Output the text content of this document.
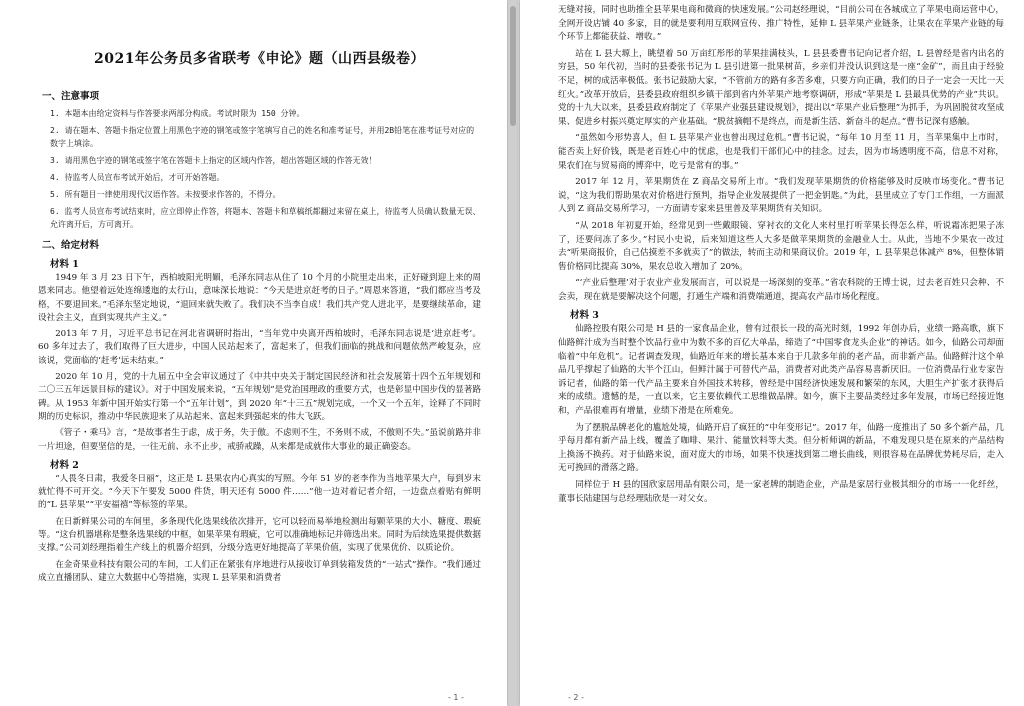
2021年公务员多省联考《申论》题（山西县级卷）
一、注意事项

1. 本题本由给定资料与作答要求两部分构成。考试时限为 150 分钟。

2. 请在题本、答题卡指定位置上用黑色字迹的钢笔或签字笔填写自己的姓名和准考证号，并用2B铅笔在准考证号对应的数字上填涂。

3. 请用黑色字迹的钢笔或签字笔在答题卡上指定的区域内作答，超出答题区域的作答无效！

4. 待监考人员宣布考试开始后，才可开始答题。

5. 所有题目一律使用现代汉语作答。未按要求作答的，不得分。

6. 监考人员宣布考试结束时，应立即停止作答，将题本、答题卡和草稿纸都翻过来留在桌上，待监考人员确认数量无误、允许离开后，方可离开。

二、给定材料
材料 1

1949 年 3 月 23 日下午，西柏坡阳光明媚，毛泽东同志从住了 10 个月的小院里走出来，正好碰到迎上来的周恩来同志。他望着远处连绵逶迤的太行山，意味深长地说：“今天是进京赶考的日子。”周恩来答道，“我们都应当考及格，不要退回来。”毛泽东坚定地说，“退回来就失败了。我们决不当李自成！我们共产党人进北平，是要继续革命，建设社会主义，直到实现共产主义。”

2013 年 7 月，习近平总书记在河北省调研时指出，“当年党中央离开西柏坡时，毛泽东同志说是‘进京赶考’。60 多年过去了，我们取得了巨大进步，中国人民站起来了，富起来了，但我们面临的挑战和问题依然严峻复杂，应该说，党面临的‘赶考’远未结束。”

2020 年 10 月，党的十九届五中全会审议通过了《中共中央关于制定国民经济和社会发展第十四个五年规划和二〇三五年远景目标的建议》。对于中国发展来说，“五年规划”是党治国理政的重要方式，也是彰显中国步伐的显著路碑。从 1953 年新中国开始实行第一个“五年计划”，到 2020 年“十三五”规划完成，一个又一个五年，诠释了不同时期的历史标识，推动中华民族迎来了从站起来、富起来到强起来的伟大飞跃。

《管子・乘马》言，“是故事者生于虑，成于务，失于傲。不虑则不生，不务则不成，不傲则不失。”虽说前路并非一片坦途，但要坚信的是，一往无前、永不止步，戒骄戒躁，从来都是成就伟大事业的最正确姿态。

材料 2

“人畏冬日肃，我爱冬日丽”，这正是 L 县果农内心真实的写照。今年 51 岁的老李作为当地苹果大户，每到岁末就忙得不可开交。“今天下午要发 5000 件货，明天还有 5000 件……”他一边对着记者介绍，一边盘点着贴有鲜明的“L 县苹果”“平安福禧”等标签的苹果。

在日新鲜果公司的车间里，多条现代化选果线依次排开，它可以轻而易举地检测出每颗苹果的大小、糖度、瑕疵等。“这台机器堪称是整条选果线的中枢，如果苹果有瑕疵，它可以准确地标记并筛选出来。同时为后续选果提供数据支撑。”公司刘经理指着生产线上的机器介绍到，分级分选更好地提高了苹果价值，实现了优果优价、以质论价。

在金奇果业科技有限公司的车间，工人们正在紧张有序地进行从接收订单到装箱发货的“一站式”操作。“我们通过成立直播团队、建立大数据中心等措施，实现 L 县苹果和消费者

- 1 -

无缝对接，同时也助推全县苹果电商和微商的快速发展。”公司赵经理说，“目前公司在各城成立了苹果电商运营中心，全网开设店铺 40 多家，目的就是要利用互联网宣传、推广特性，延伸 L 县苹果产业链条，让果农在苹果产业链的每个环节上都能获益、增收。”

站在 L 县大塬上，眺望着 50 万亩红彤彤的苹果挂满枝头，L 县县委曹书记向记者介绍，L 县曾经是省内出名的穷县，50 年代初，当时的县委张书记为 L 县引进第一批果树苗，乡亲们并没认识到这是一座“金矿”，而且由于经验不足，树的成活率极低。张书记鼓励大家，“不管前方的路有多苦多难，只要方向正确，我们的日子一定会一天比一天红火。”改革开放后，县委县政府组织乡镇干部到省内外苹果产地考察调研，形成“苹果是 L 县最具优势的产业”共识。党的十九大以来，县委县政府制定了《苹果产业强县建设规划》，提出以“苹果产业后整理”为抓手，为巩固脱贫攻坚成果、促进乡村振兴奠定厚实的产业基础。“脱贫摘帽不是终点，而是新生活、新奋斗的起点。”曹书记深有感触。

“虽然如今形势喜人，但 L 县苹果产业也曾出现过危机。”曹书记说，“每年 10 月至 11 月，当苹果集中上市时，能否卖上好价钱，既是老百姓心中的忧虑，也是我们干部们心中的挂念。过去，因为市场透明度不高，信息不对称，果农们在与贸易商的博弈中，吃亏是常有的事。”

2017 年 12 月，苹果期货在 Z 商品交易所上市。“我们发现苹果期货的价格能够及时反映市场变化。”曹书记说，“这为我们帮助果农对价格进行预判，指导企业发展提供了一把金钥匙。”为此，县里成立了专门工作组，一方面派人到 Z 商品交易所学习，一方面请专家来县里普及苹果期货有关知识。

“从 2018 年初夏开始，经常见到一些戴眼镜、穿衬衣的文化人来村里打听苹果长得怎么样，听说霜冻把果子冻了，还要问冻了多少。”村民小史说，后来知道这些人大多是做苹果期货的金融业人士。从此，当地不少果农一改过去“听果商报价，自己估摸差不多就卖了”的做法，转而主动和果商议价。2019 年，L 县苹果总体减产 8%，但整体销售价格同比提高 30%，果农总收入增加了 20%。

“‘产业后整理’对于农业产业发展而言，可以说是一场深刻的变革。”省农科院的王博士说，过去老百姓只会种、不会卖，现在就是要解决这个问题，打通生产端和消费端通道，提高农产品市场化程度。

材料 3

仙路控股有限公司是 H 县的一家食品企业，曾有过很长一段的高光时刻，1992 年创办后，业绩一路高歌，旗下仙路鲜汁成为当时整个饮品行业中为数不多的百亿大单品，缔造了“中国零食龙头企业”的神话。如今，仙路公司却面临着“中年危机”。记者调查发现，仙路近年来的增长基本来自于几款多年前的老产品，而非新产品。仙路鲜汁这个单品几乎撑起了仙路的大半个江山，但鲜汁属于可替代产品，消费者对此类产品容易喜新厌旧。一位消费品行业专家告诉记者，仙路的第一代产品主要来自外国技术转移，曾经是中国经济快速发展和繁荣的东风，大胆生产扩张才获得后来的成绩。遗憾的是，一直以来，它主要依赖代工思维做品牌。如今，旗下主要品类经过多年发展，市场已经接近饱和，产品很难再有增量，业绩下滑是在所难免。

为了摆脱品牌老化的尴尬处境，仙路开启了疯狂的“中年变形记”。2017 年，仙路一度推出了 50 多个新产品，几乎每月都有新产品上线，覆盖了咖啡、果汁、能量饮料等大类。但分析师调的新品，不难发现只是在原来的产品结构上换汤不换药。对于仙路来说，面对庞大的市场，如果不快速找到第二增长曲线，则很容易在品牌优势耗尽后，走入无可挽回的滑落之路。

同样位于 H 县的国欣家居用品有限公司，是一家老牌的制造企业，产品是家居行业极其细分的市场一一化纤丝，董事长陆建国与总经理陆欣是一对父女。

- 2 -
